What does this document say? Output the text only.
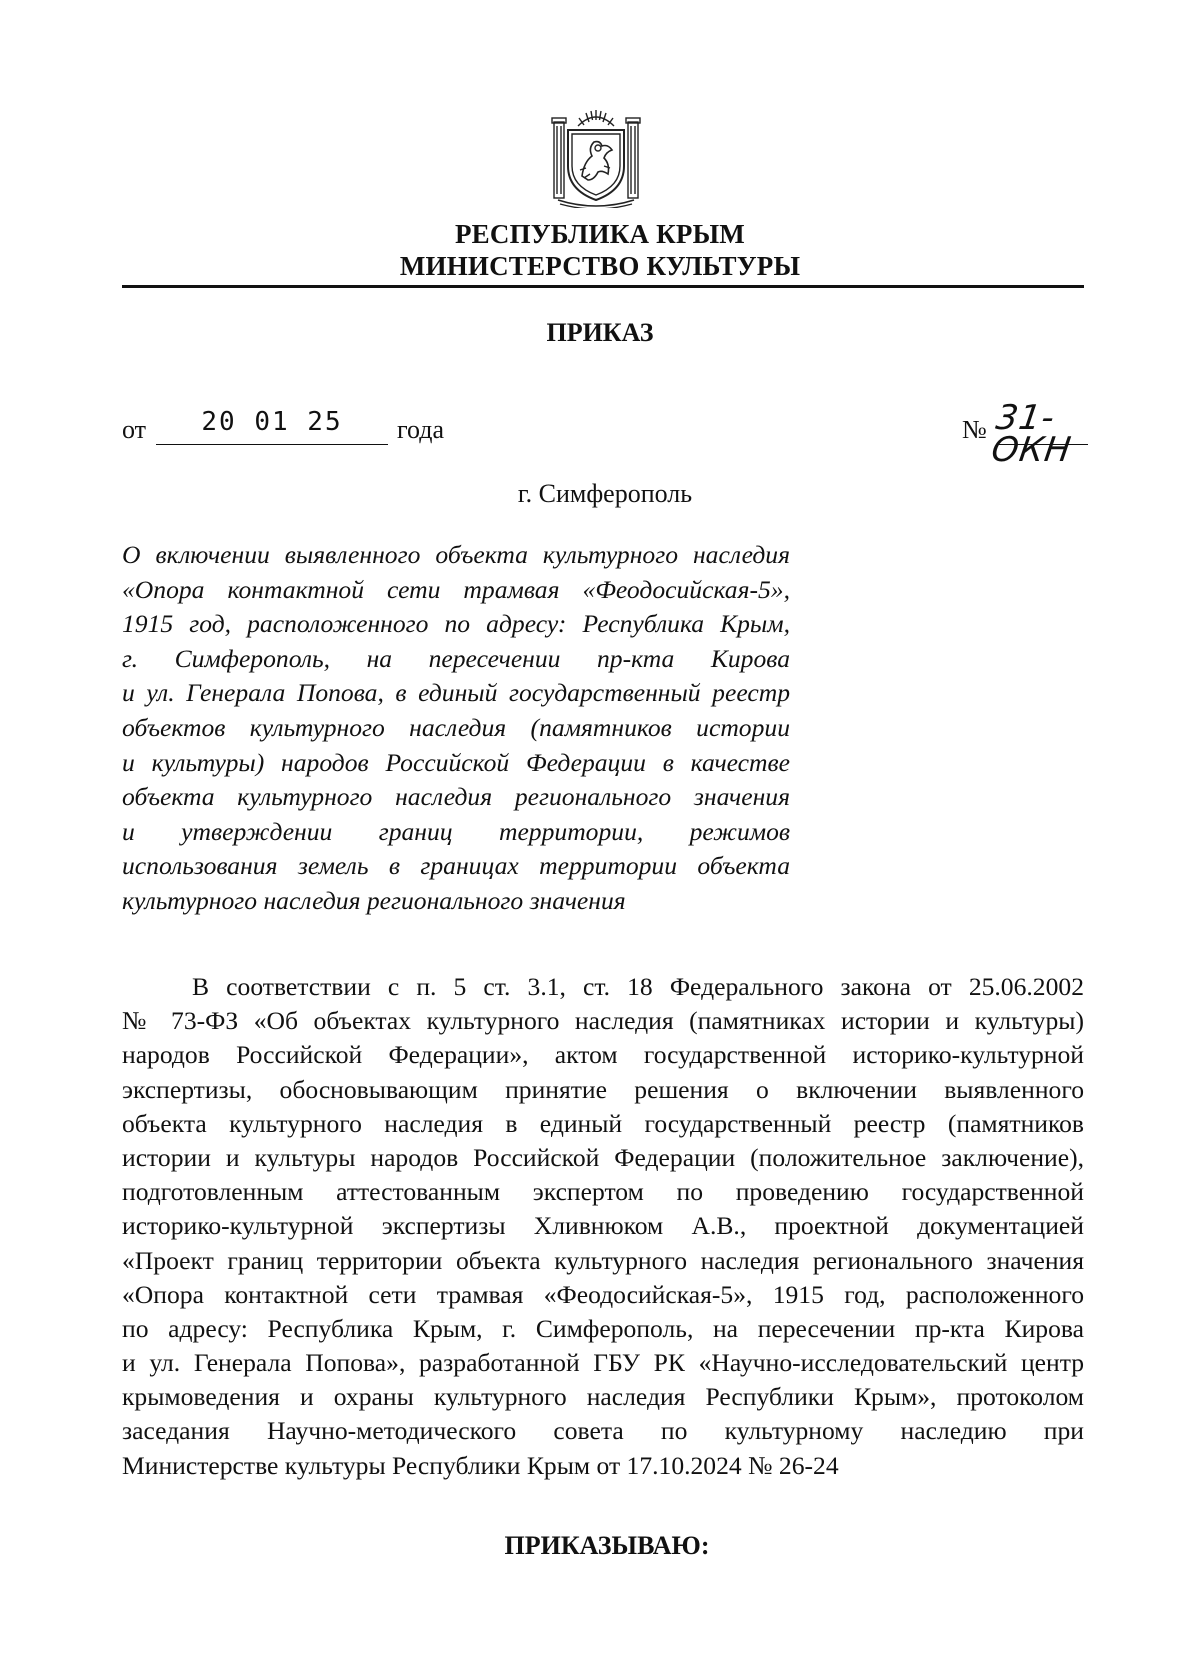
РЕСПУБЛИКА КРЫМ
МИНИСТЕРСТВО КУЛЬТУРЫ
ПРИКАЗ
от	20 01 25	года	№ 31-ОКН
г. Симферополь
О включении выявленного объекта культурного наследия
«Опора контактной сети трамвая «Феодосийская-5»,
1915 год, расположенного по адресу: Республика Крым,
г. Симферополь, на пересечении пр-кта Кирова
и ул. Генерала Попова, в единый государственный реестр
объектов культурного наследия (памятников истории
и культуры) народов Российской Федерации в качестве
объекта культурного наследия регионального значения
и утверждении границ территории, режимов
использования земель в границах территории объекта
культурного наследия регионального значения
В соответствии с п. 5 ст. 3.1, ст. 18 Федерального закона от 25.06.2002
№ 73-ФЗ «Об объектах культурного наследия (памятниках истории и культуры)
народов Российской Федерации», актом государственной историко-культурной
экспертизы, обосновывающим принятие решения о включении выявленного
объекта культурного наследия в единый государственный реестр (памятников
истории и культуры народов Российской Федерации (положительное заключение),
подготовленным аттестованным экспертом по проведению государственной
историко-культурной экспертизы Хливнюком А.В., проектной документацией
«Проект границ территории объекта культурного наследия регионального значения
«Опора контактной сети трамвая «Феодосийская-5», 1915 год, расположенного
по адресу: Республика Крым, г. Симферополь, на пересечении пр-кта Кирова
и ул. Генерала Попова», разработанной ГБУ РК «Научно-исследовательский центр
крымоведения и охраны культурного наследия Республики Крым», протоколом
заседания Научно-методического совета по культурному наследию при
Министерстве культуры Республики Крым от 17.10.2024 № 26-24
ПРИКАЗЫВАЮ:
